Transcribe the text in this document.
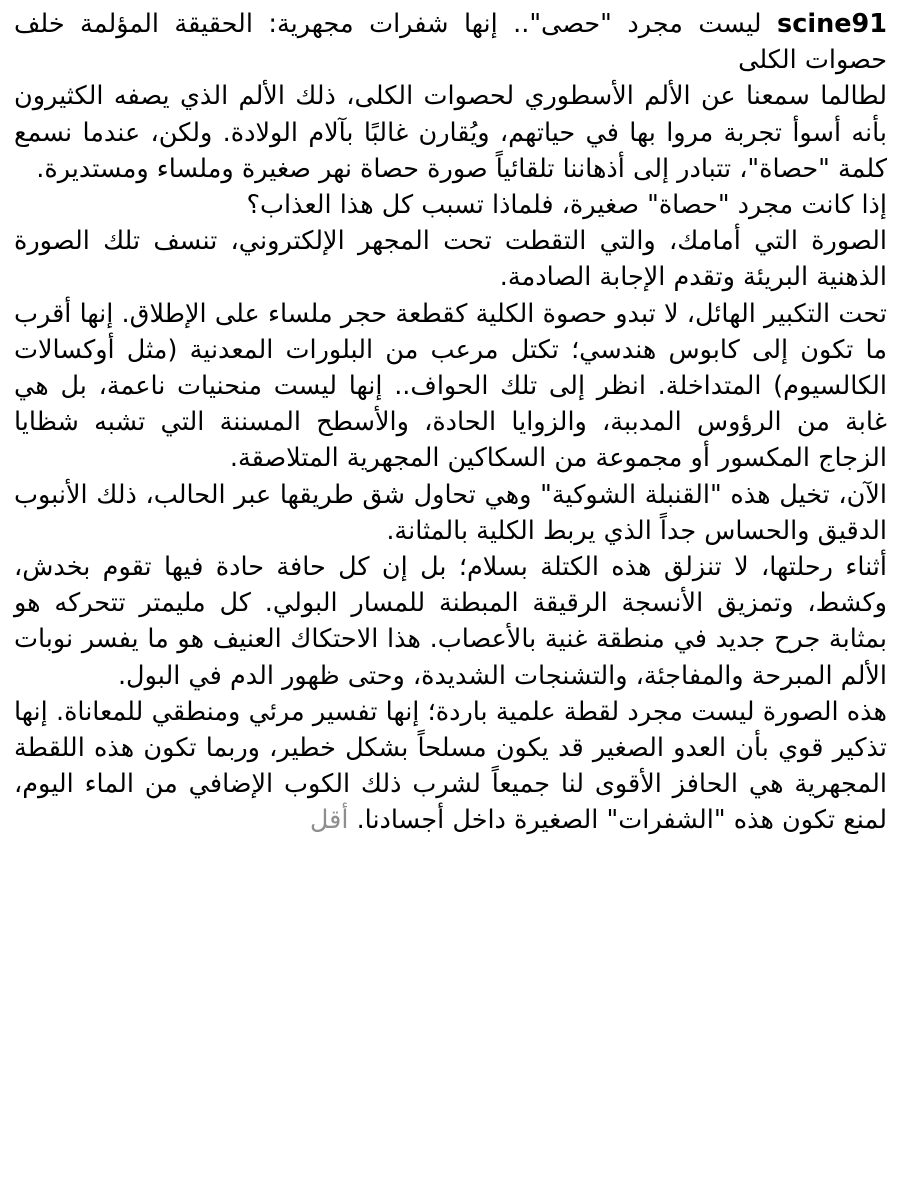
scine91 ليست مجرد "حصى".. إنها شفرات مجهرية: الحقيقة المؤلمة خلف حصوات الكلى

لطالما سمعنا عن الألم الأسطوري لحصوات الكلى، ذلك الألم الذي يصفه الكثيرون بأنه أسوأ تجربة مروا بها في حياتهم، ويُقارن غالبًا بآلام الولادة. ولكن، عندما نسمع كلمة "حصاة"، تتبادر إلى أذهاننا تلقائياً صورة حصاة نهر صغيرة وملساء ومستديرة.

إذا كانت مجرد "حصاة" صغيرة، فلماذا تسبب كل هذا العذاب؟

الصورة التي أمامك، والتي التقطت تحت المجهر الإلكتروني، تنسف تلك الصورة الذهنية البريئة وتقدم الإجابة الصادمة.

تحت التكبير الهائل، لا تبدو حصوة الكلية كقطعة حجر ملساء على الإطلاق. إنها أقرب ما تكون إلى كابوس هندسي؛ تكتل مرعب من البلورات المعدنية (مثل أوكسالات الكالسيوم) المتداخلة. انظر إلى تلك الحواف.. إنها ليست منحنيات ناعمة، بل هي غابة من الرؤوس المدببة، والزوايا الحادة، والأسطح المسننة التي تشبه شظايا الزجاج المكسور أو مجموعة من السكاكين المجهرية المتلاصقة.

الآن، تخيل هذه "القنبلة الشوكية" وهي تحاول شق طريقها عبر الحالب، ذلك الأنبوب الدقيق والحساس جداً الذي يربط الكلية بالمثانة.

أثناء رحلتها، لا تنزلق هذه الكتلة بسلام؛ بل إن كل حافة حادة فيها تقوم بخدش، وكشط، وتمزيق الأنسجة الرقيقة المبطنة للمسار البولي. كل مليمتر تتحركه هو بمثابة جرح جديد في منطقة غنية بالأعصاب. هذا الاحتكاك العنيف هو ما يفسر نوبات الألم المبرحة والمفاجئة، والتشنجات الشديدة، وحتى ظهور الدم في البول.

هذه الصورة ليست مجرد لقطة علمية باردة؛ إنها تفسير مرئي ومنطقي للمعاناة. إنها تذكير قوي بأن العدو الصغير قد يكون مسلحاً بشكل خطير، وربما تكون هذه اللقطة المجهرية هي الحافز الأقوى لنا جميعاً لشرب ذلك الكوب الإضافي من الماء اليوم، لمنع تكون هذه "الشفرات" الصغيرة داخل أجسادنا. أقل
